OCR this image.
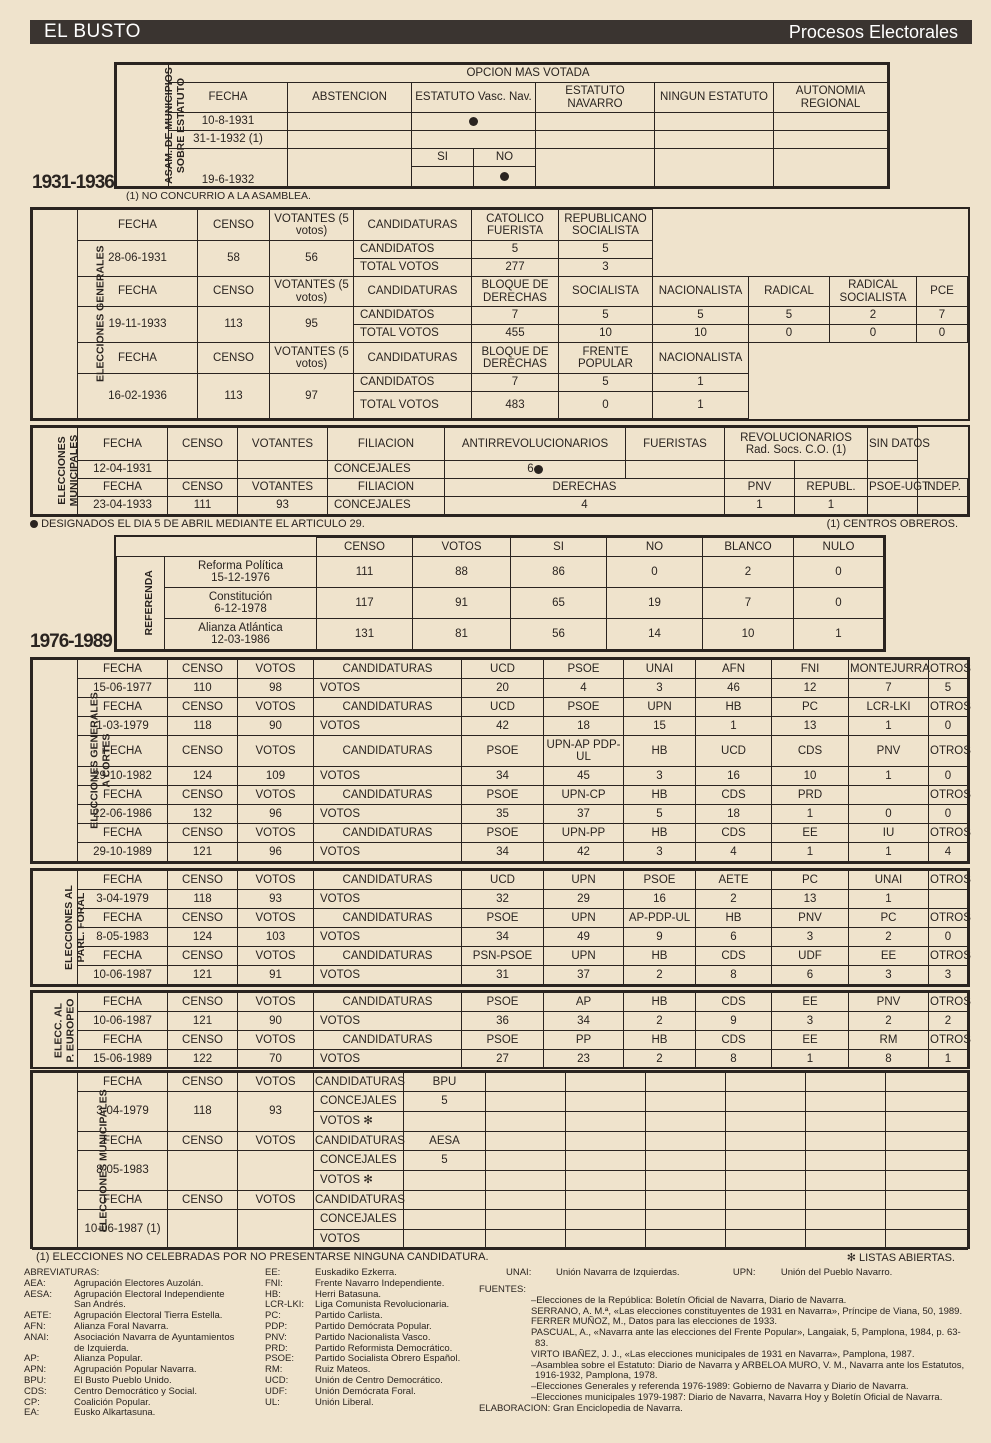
EL BUSTO	Procesos Electorales
ASAM. DE MUNICIPIOS
SOBRE ESTATUTO	OPCION MAS VOTADA						
	FECHA	ABSTENCION	ESTATUTO Vasc. Nav.		ESTATUTO NAVARRO	NINGUN ESTATUTO	AUTONOMIA REGIONAL
	10-8-1931						
	31-1-1932 (1)						
	19-6-1932		SI	NO			

1931-1936
(1) NO CONCURRIO A LA ASAMBLEA.
ELECCIONES GENERALES	FECHA	CENSO	VOTANTES (5 votos)	CANDIDATURAS	CATOLICO FUERISTA	REPUBLICANO SOCIALISTA				
	28-06-1931	58	56	CANDIDATOS	5	5				
				TOTAL VOTOS	277	3				
	FECHA	CENSO	VOTANTES (5 votos)	CANDIDATURAS	BLOQUE DE DERECHAS	SOCIALISTA	NACIONALISTA	RADICAL	RADICAL SOCIALISTA	PCE
	19-11-1933	113	95	CANDIDATOS	7	5	5	5	2	7
				TOTAL VOTOS	455	10	10	0	0	0
	FECHA	CENSO	VOTANTES (5 votos)	CANDIDATURAS	BLOQUE DE DERECHAS	FRENTE POPULAR	NACIONALISTA			
	16-02-1936	113	97	CANDIDATOS	7	5	1			
				TOTAL VOTOS	483	0	1			
ELECCIONES
MUNICIPALES	FECHA	CENSO	VOTANTES	FILIACION	ANTIRREVOLUCIONARIOS	FUERISTAS	REVOLUCIONARIOS
Rad. Socs. C.O. (1)		SIN DATOS	
	12-04-1931			CONCEJALES	6					
	FECHA	CENSO	VOTANTES	FILIACION	DERECHAS		PNV	REPUBL.	PSOE-UGT	INDEP.
	23-04-1933	111	93	CONCEJALES	4		1	1		
DESIGNADOS EL DIA 5 DE ABRIL MEDIANTE EL ARTICULO 29.	(1) CENTROS OBREROS.
		CENSO	VOTOS	SI	NO	BLANCO	NULO
REFERENDA	Reforma Política
15-12-1976	111	88	86	0	2	0
	Constitución
6-12-1978	117	91	65	19	7	0
	Alianza Atlántica
12-03-1986	131	81	56	14	10	1
1976-1989
ELECCIONES GENERALES
A CORTES	FECHA	CENSO	VOTOS	CANDIDATURAS	UCD	PSOE	UNAI	AFN	FNI	MONTEJURRA	OTROS
	15-06-1977	110	98	VOTOS	20	4	3	46	12	7	5
	FECHA	CENSO	VOTOS	CANDIDATURAS	UCD	PSOE	UPN	HB	PC	LCR-LKI	OTROS
	1-03-1979	118	90	VOTOS	42	18	15	1	13	1	0
	FECHA	CENSO	VOTOS	CANDIDATURAS	PSOE	UPN-AP PDP-UL	HB	UCD	CDS	PNV	OTROS
	29-10-1982	124	109	VOTOS	34	45	3	16	10	1	0
	FECHA	CENSO	VOTOS	CANDIDATURAS	PSOE	UPN-CP	HB	CDS	PRD		OTROS
	22-06-1986	132	96	VOTOS	35	37	5	18	1	0	0
	FECHA	CENSO	VOTOS	CANDIDATURAS	PSOE	UPN-PP	HB	CDS	EE	IU	OTROS
	29-10-1989	121	96	VOTOS	34	42	3	4	1	1	4
ELECCIONES AL
PARL. FORAL	FECHA	CENSO	VOTOS	CANDIDATURAS	UCD	UPN	PSOE	AETE	PC	UNAI	OTROS
	3-04-1979	118	93	VOTOS	32	29	16	2	13	1	
	FECHA	CENSO	VOTOS	CANDIDATURAS	PSOE	UPN	AP-PDP-UL	HB	PNV	PC	OTROS
	8-05-1983	124	103	VOTOS	34	49	9	6	3	2	0
	FECHA	CENSO	VOTOS	CANDIDATURAS	PSN-PSOE	UPN	HB	CDS	UDF	EE	OTROS
	10-06-1987	121	91	VOTOS	31	37	2	8	6	3	3
ELECC. AL
P. EUROPEO	FECHA	CENSO	VOTOS	CANDIDATURAS	PSOE	AP	HB	CDS	EE	PNV	OTROS
	10-06-1987	121	90	VOTOS	36	34	2	9	3	2	2
	FECHA	CENSO	VOTOS	CANDIDATURAS	PSOE	PP	HB	CDS	EE	RM	OTROS
	15-06-1989	122	70	VOTOS	27	23	2	8	1	8	1
ELECCIONES MUNICIPALES	FECHA	CENSO	VOTOS	CANDIDATURAS	BPU						
	3-04-1979	118	93	CONCEJALES	5						
				VOTOS ✻							
	FECHA	CENSO	VOTOS	CANDIDATURAS	AESA						
	8-05-1983			CONCEJALES	5						
				VOTOS ✻							
	FECHA	CENSO	VOTOS	CANDIDATURAS							
	10-06-1987 (1)			CONCEJALES							
				VOTOS							
(1) ELECCIONES NO CELEBRADAS POR NO PRESENTARSE NINGUNA CANDIDATURA.	✻ LISTAS ABIERTAS.
ABREVIATURAS:
AEA:	Agrupación Electores Auzolán.
AESA: Agrupación Electoral Independiente
San Andrés.
AETE: Agrupación Electoral Tierra Estella.
AFN:	Alianza Foral Navarra.
ANAI:	Asociación Navarra de Ayuntamientos
de Izquierda.
AP:	Alianza Popular.
APN:	Agrupación Popular Navarra.
BPU:	El Busto Pueblo Unido.
CDS:	Centro Democrático y Social.
CP:	Coalición Popular.
EA:	Eusko Alkartasuna.
EE:	Euskadiko Ezkerra.
FNI:	Frente Navarro Independiente.
HB:	Herri Batasuna.
LCR-LKI: Liga Comunista Revolucionaria.
PC:	Partido Carlista.
PDP:	Partido Demócrata Popular.
PNV:	Partido Nacionalista Vasco.
PRD:	Partido Reformista Democrático.
PSOE: Partido Socialista Obrero Español.
RM:	Ruiz Mateos.
UCD:	Unión de Centro Democrático.
UDF:	Unión Demócrata Foral.
UL:	Unión Liberal.
UNAI:	Unión Navarra de Izquierdas.	UPN:	Unión del Pueblo Navarro.
FUENTES:
–Elecciones de la República: Boletín Oficial de Navarra, Diario de Navarra.
SERRANO, A. M.ª, «Las elecciones constituyentes de 1931 en Navarra», Príncipe de Viana, 50, 1989.
FERRER MUÑOZ, M., Datos para las elecciones de 1933.
PASCUAL, A., «Navarra ante las elecciones del Frente Popular», Langaiak, 5, Pamplona, 1984, p. 63-83.
VIRTO IBAÑEZ, J. J., «Las elecciones municipales de 1931 en Navarra», Pamplona, 1987.
–Asamblea sobre el Estatuto: Diario de Navarra y ARBELOA MURO, V. M., Navarra ante los Estatutos, 1916-1932, Pamplona, 1978.
–Elecciones Generales y referenda 1976-1989: Gobierno de Navarra y Diario de Navarra.
–Elecciones municipales 1979-1987: Diario de Navarra, Navarra Hoy y Boletín Oficial de Navarra.
ELABORACION: Gran Enciclopedia de Navarra.
